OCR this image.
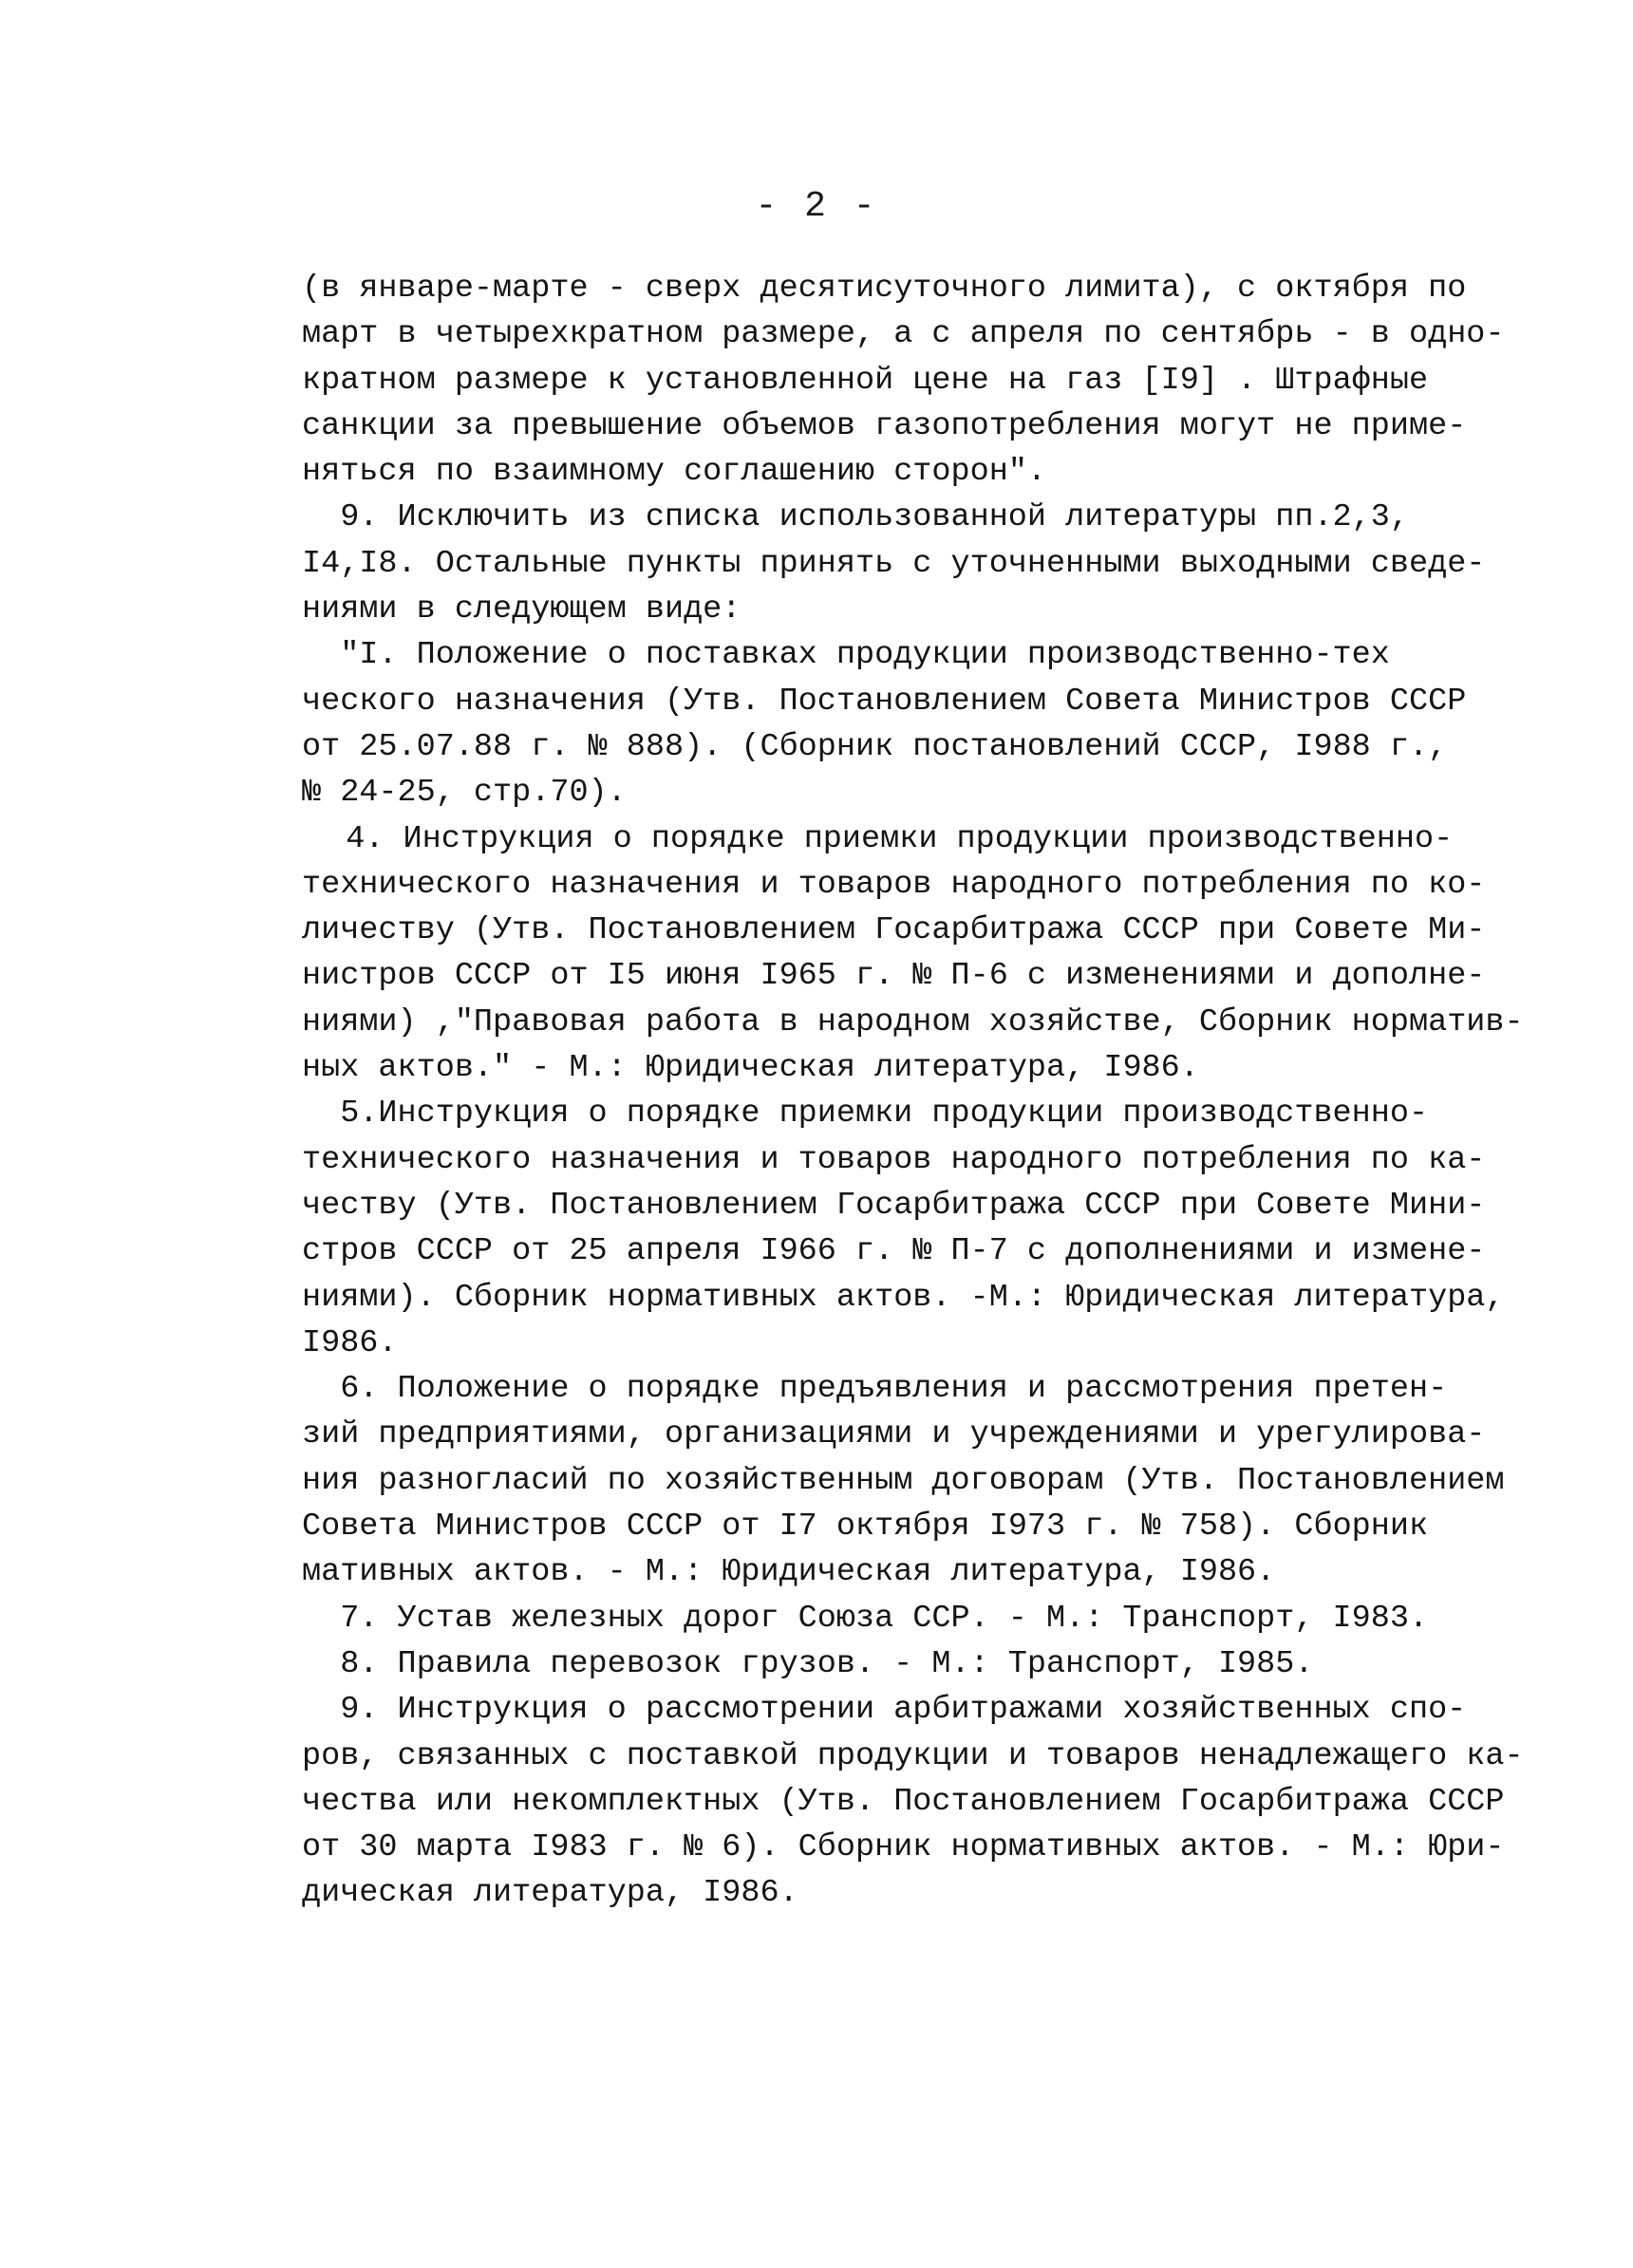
- 2 -
(в январе-марте - сверх десятисуточного лимита), с октября по
март в четырехкратном размере, а с апреля по сентябрь - в одно-
кратном размере к установленной цене на газ [I9] . Штрафные
санкции за превышение объемов газопотребления могут не приме-
няться по взаимному соглашению сторон".
9. Исключить из списка использованной литературы пп.2,3,
I4,I8. Остальные пункты принять с уточненными выходными сведе-
ниями в следующем виде:
"I. Положение о поставках продукции производственно-тех
ческого назначения (Утв. Постановлением Совета Министров СССР
от 25.07.88 г. № 888). (Сборник постановлений СССР, I988 г.,
№ 24-25, стр.70).
4. Инструкция о порядке приемки продукции производственно-
технического назначения и товаров народного потребления по ко-
личеству (Утв. Постановлением Госарбитража СССР при Совете Ми-
нистров СССР от I5 июня I965 г. № П-6 с изменениями и дополне-
ниями) ,"Правовая работа в народном хозяйстве, Сборник норматив-
ных актов." - М.: Юридическая литература, I986.
5.Инструкция о порядке приемки продукции производственно-
технического назначения и товаров народного потребления по ка-
честву (Утв. Постановлением Госарбитража СССР при Совете Мини-
стров СССР от 25 апреля I966 г. № П-7 с дополнениями и измене-
ниями). Сборник нормативных актов. -М.: Юридическая литература,
I986.
6. Положение о порядке предъявления и рассмотрения претен-
зий предприятиями, организациями и учреждениями и урегулирова-
ния разногласий по хозяйственным договорам (Утв. Постановлением
Совета Министров СССР от I7 октября I973 г. № 758). Сборник
мативных актов. - М.: Юридическая литература, I986.
7. Устав железных дорог Союза ССР. - М.: Транспорт, I983.
8. Правила перевозок грузов. - М.: Транспорт, I985.
9. Инструкция о рассмотрении арбитражами хозяйственных спо-
ров, связанных с поставкой продукции и товаров ненадлежащего ка-
чества или некомплектных (Утв. Постановлением Госарбитража СССР
от 30 марта I983 г. № 6). Сборник нормативных актов. - М.: Юри-
дическая литература, I986.
